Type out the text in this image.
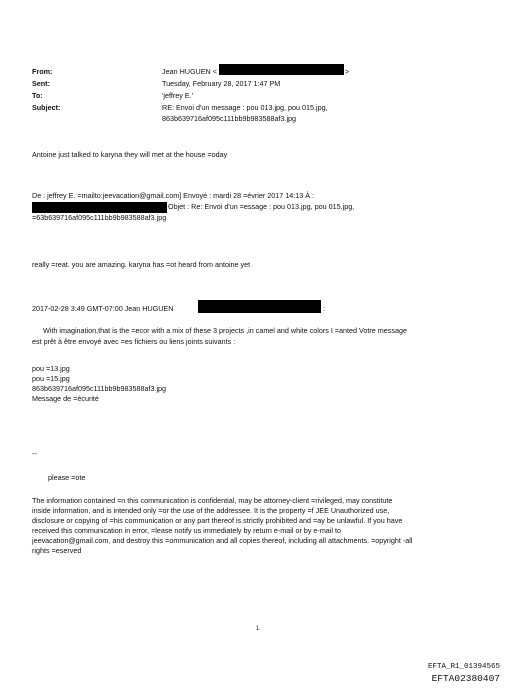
From:
Sent:
To:
Subject:
Jean HUGUEN <	>
Tuesday, February 28, 2017 1:47 PM
'jeffrey E.'
RE: Envoi d'un message : pou 013.jpg, pou 015.jpg,
863b639716af095c111bb9b983588af3.jpg
Antoine just talked to karyna they will met at the house =oday
De : jeffrey E. =mailto:jeevacation@gmail.com] Envoyé : mardi 28 =évrier 2017 14:13 À :
Objet : Re: Envoi d'un =essage : pou 013.jpg, pou 015.jpg,
=63b639716af095c111bb9b983588af3.jpg
really =reat. you are amazing. karyna has =ot heard from antoine yet
2017-02-28 3:49 GMT-07:00 Jean HUGUEN	:
With imagination,that is the =ecor with a mix of these 3 projects ,in camel and white colors I =anted Votre message
est prêt à être envoyé avec =es fichiers ou liens joints suivants :
pou =13.jpg
pou =15.jpg
863b639716af095c111bb9b983588af3.jpg
Message de =écurité
--
please =ote
The information contained =n this communication is confidential, may be attorney-client =rivileged, may constitute
inside information, and is intended only =or the use of the addressee. It is the property =f JEE Unauthorized use,
disclosure or copying of =his communication or any part thereof is strictly prohibited and =ay be unlawful. If you have
received this communication in error, =lease notify us immediately by return e-mail or by e-mail to
jeevacation@gmail.com, and destroy this =ommunication and all copies thereof, including all attachments. =opyright -all
rights =eserved
1
EFTA_R1_01394565
EFTA02380407
